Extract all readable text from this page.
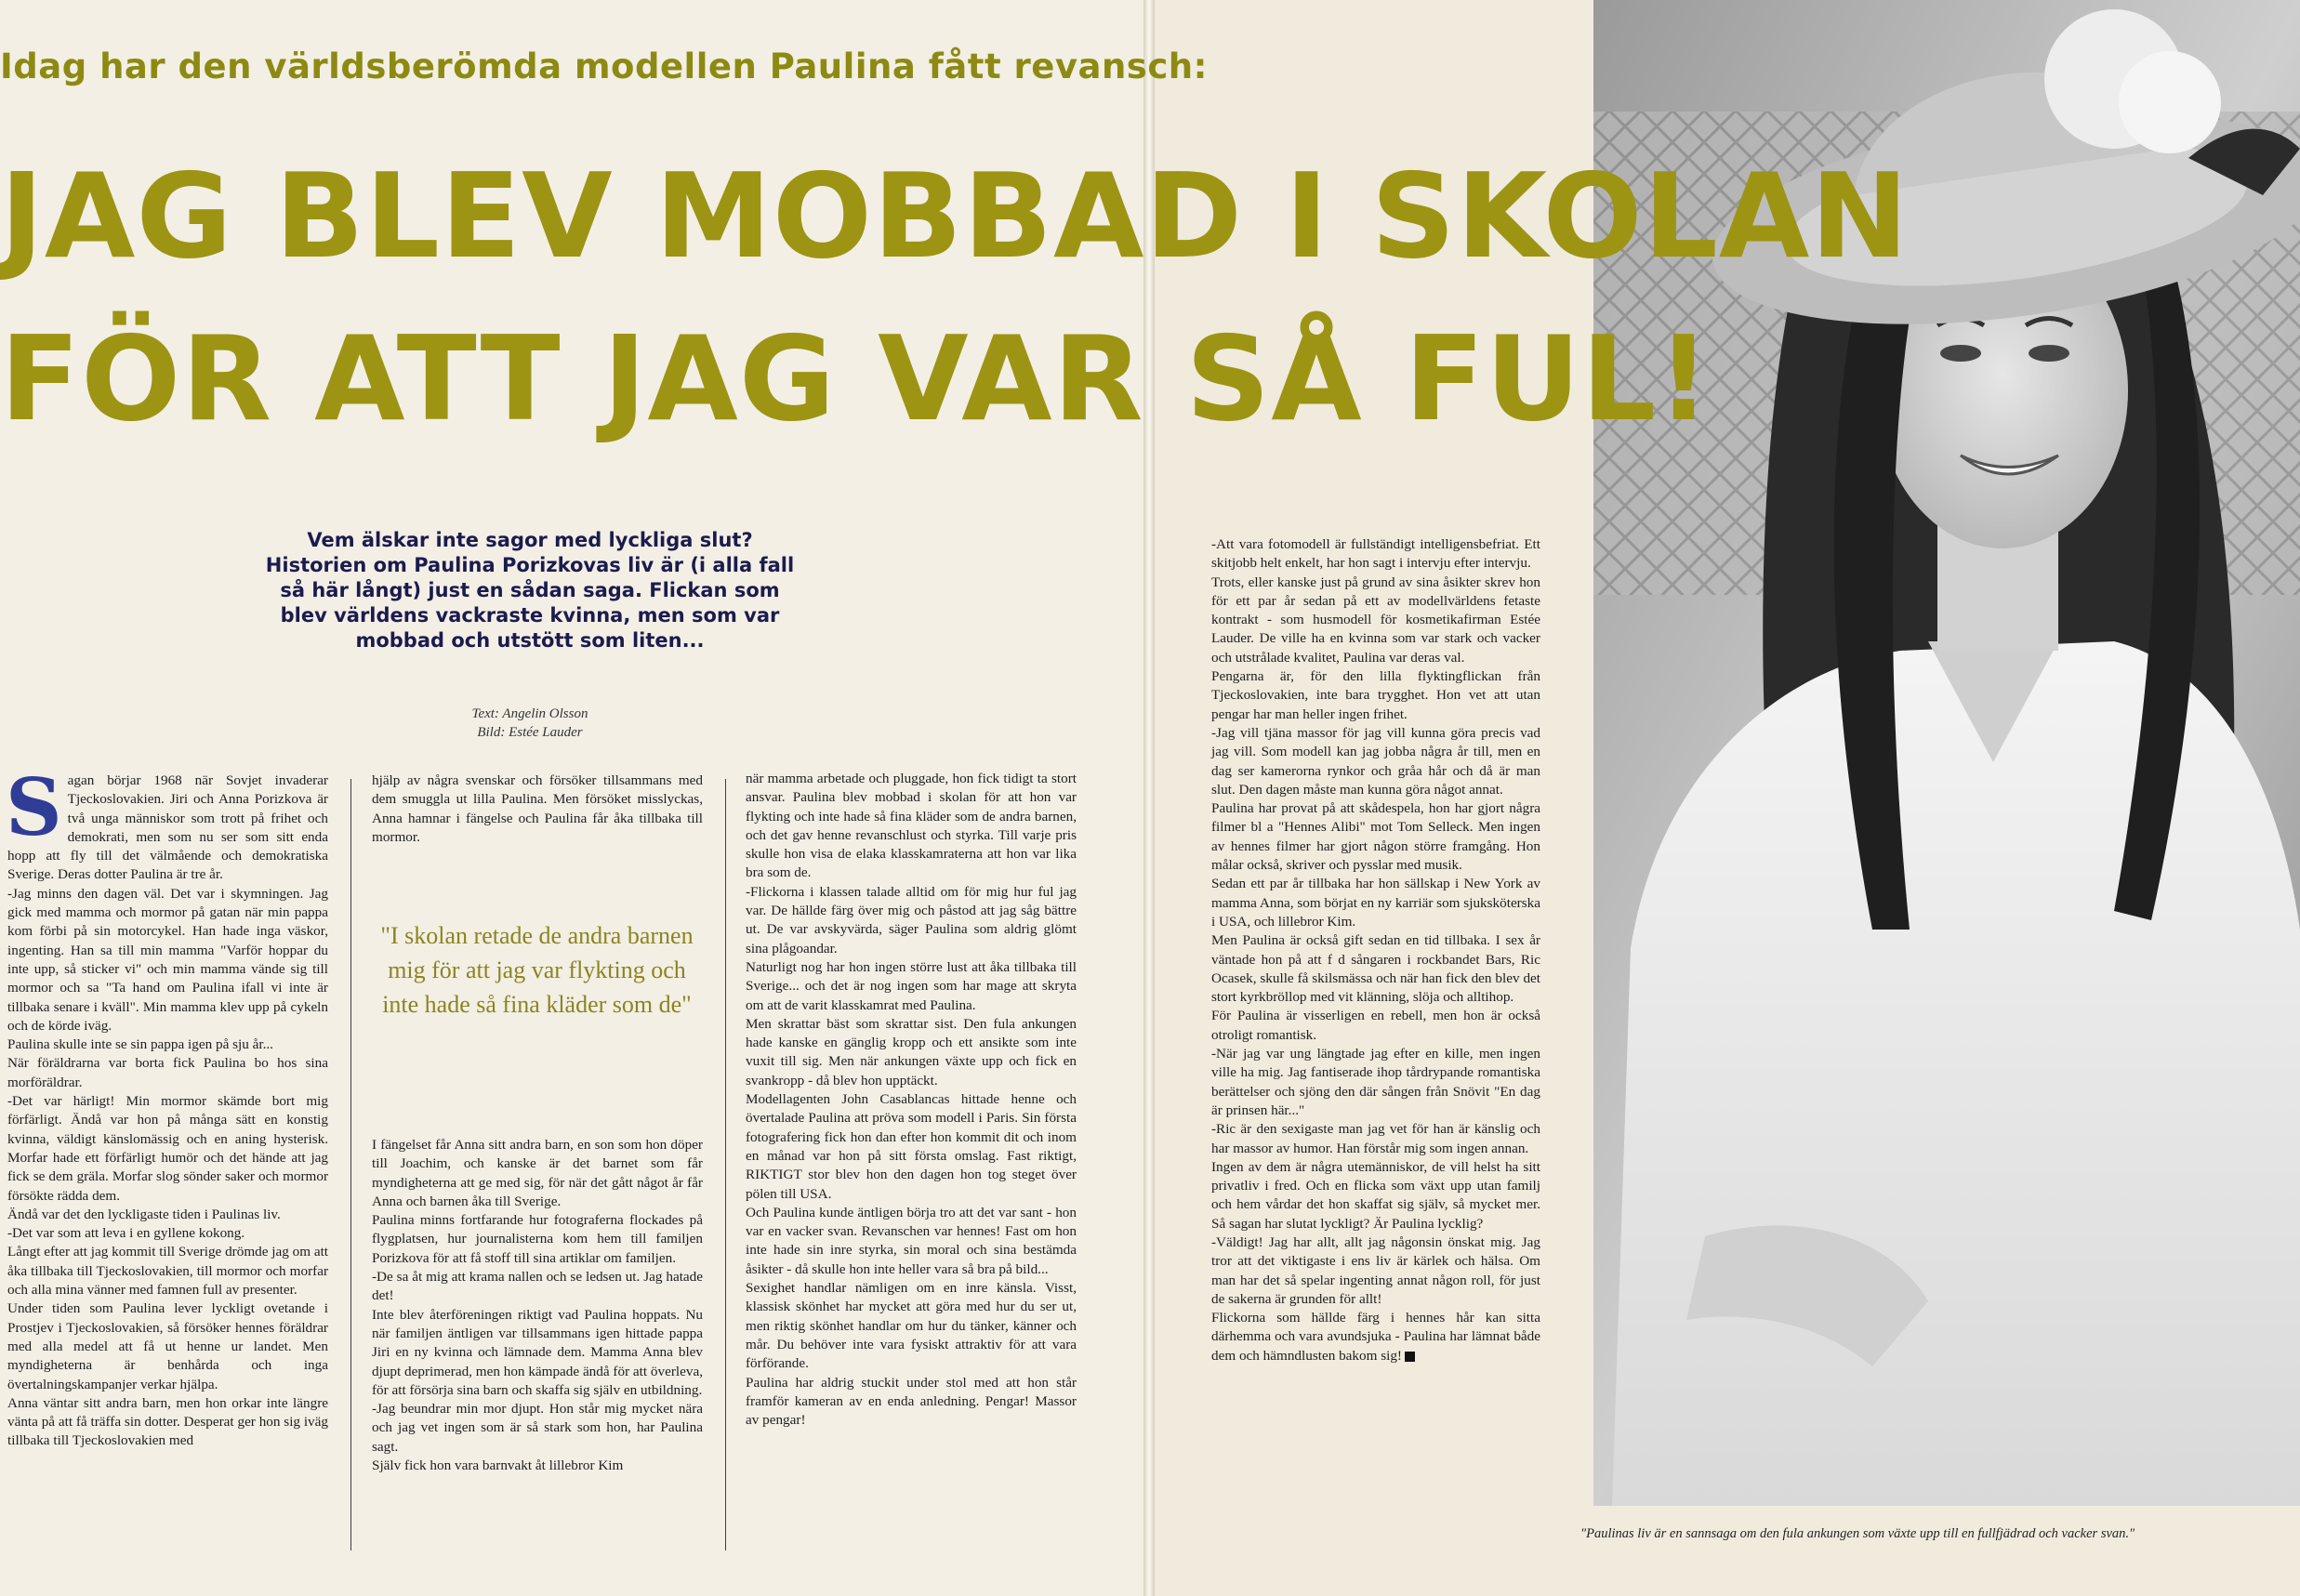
Idag har den världsberömda modellen Paulina fått revansch:
JAG BLEV MOBBAD I SKOLAN
FÖR ATT JAG VAR SÅ FUL!
Vem älskar inte sagor med lyckliga slut?Historien om Paulina Porizkovas liv är (i alla fall så här långt) just en sådan saga. Flickan som blev världens vackraste kvinna, men som var mobbad och utstött som liten...
Text: Angelin Olsson
Bild: Estée Lauder
S agan börjar 1968 när Sovjet invaderar Tjeckoslovakien. Jiri och Anna Porizkova är två unga människor som trott på frihet och demokrati, men som nu ser som sitt enda hopp att fly till det välmående och demokratiska Sverige. Deras dotter Paulina är tre år.

-Jag minns den dagen väl. Det var i skymningen. Jag gick med mamma och mormor på gatan när min pappa kom förbi på sin motorcykel. Han hade inga väskor, ingenting. Han sa till min mamma "Varför hoppar du inte upp, så sticker vi" och min mamma vände sig till mormor och sa "Ta hand om Paulina ifall vi inte är tillbaka senare i kväll". Min mamma klev upp på cykeln och de körde iväg.

Paulina skulle inte se sin pappa igen på sju år...

När föräldrarna var borta fick Paulina bo hos sina morföräldrar.

-Det var härligt! Min mormor skämde bort mig förfärligt. Ändå var hon på många sätt en konstig kvinna, väldigt känslomässig och en aning hysterisk. Morfar hade ett förfärligt humör och det hände att jag fick se dem gräla. Morfar slog sönder saker och mormor försökte rädda dem.

Ändå var det den lyckligaste tiden i Paulinas liv.

-Det var som att leva i en gyllene kokong.

Långt efter att jag kommit till Sverige drömde jag om att åka tillbaka till Tjeckoslovakien, till mormor och morfar och alla mina vänner med famnen full av presenter.

Under tiden som Paulina lever lyckligt ovetande i Prostjev i Tjeckoslovakien, så försöker hennes föräldrar med alla medel att få ut henne ur landet. Men myndigheterna är benhårda och inga övertalningskampanjer verkar hjälpa.

Anna väntar sitt andra barn, men hon orkar inte längre vänta på att få träffa sin dotter. Desperat ger hon sig iväg tillbaka till Tjeckoslovakien med

hjälp av några svenskar och försöker tillsammans med dem smuggla ut lilla Paulina. Men försöket misslyckas, Anna hamnar i fängelse och Paulina får åka tillbaka till mormor.

"I skolan retade de andra barnen mig för att jag var flykting och inte hade så fina kläder som de"

I fängelset får Anna sitt andra barn, en son som hon döper till Joachim, och kanske är det barnet som får myndigheterna att ge med sig, för när det gått något år får Anna och barnen åka till Sverige.

Paulina minns fortfarande hur fotograferna flockades på flygplatsen, hur journalisterna kom hem till familjen Porizkova för att få stoff till sina artiklar om familjen.

-De sa åt mig att krama nallen och se ledsen ut. Jag hatade det!

Inte blev återföreningen riktigt vad Paulina hoppats. Nu när familjen äntligen var tillsammans igen hittade pappa Jiri en ny kvinna och lämnade dem. Mamma Anna blev djupt deprimerad, men hon kämpade ändå för att överleva, för att försörja sina barn och skaffa sig själv en utbildning.

-Jag beundrar min mor djupt. Hon står mig mycket nära och jag vet ingen som är så stark som hon, har Paulina sagt.

Själv fick hon vara barnvakt åt lillebror Kim

när mamma arbetade och pluggade, hon fick tidigt ta stort ansvar. Paulina blev mobbad i skolan för att hon var flykting och inte hade så fina kläder som de andra barnen, och det gav henne revanschlust och styrka. Till varje pris skulle hon visa de elaka klasskamraterna att hon var lika bra som de.

-Flickorna i klassen talade alltid om för mig hur ful jag var. De hällde färg över mig och påstod att jag såg bättre ut. De var avskyvärda, säger Paulina som aldrig glömt sina plågoandar.

Naturligt nog har hon ingen större lust att åka tillbaka till Sverige... och det är nog ingen som har mage att skryta om att de varit klasskamrat med Paulina.

Men skrattar bäst som skrattar sist. Den fula ankungen hade kanske en gänglig kropp och ett ansikte som inte vuxit till sig. Men när ankungen växte upp och fick en svankropp - då blev hon upptäckt.

Modellagenten John Casablancas hittade henne och övertalade Paulina att pröva som modell i Paris. Sin första fotografering fick hon dan efter hon kommit dit och inom en månad var hon på sitt första omslag. Fast riktigt, RIKTIGT stor blev hon den dagen hon tog steget över pölen till USA.

Och Paulina kunde äntligen börja tro att det var sant - hon var en vacker svan. Revanschen var hennes! Fast om hon inte hade sin inre styrka, sin moral och sina bestämda åsikter - då skulle hon inte heller vara så bra på bild...

Sexighet handlar nämligen om en inre känsla. Visst, klassisk skönhet har mycket att göra med hur du ser ut, men riktig skönhet handlar om hur du tänker, känner och mår. Du behöver inte vara fysiskt attraktiv för att vara förförande.

Paulina har aldrig stuckit under stol med att hon står framför kameran av en enda anledning. Pengar! Massor av pengar!

-Att vara fotomodell är fullständigt intelligensbefriat. Ett skitjobb helt enkelt, har hon sagt i intervju efter intervju.

Trots, eller kanske just på grund av sina åsikter skrev hon för ett par år sedan på ett av modellvärldens fetaste kontrakt - som husmodell för kosmetikafirman Estée Lauder. De ville ha en kvinna som var stark och vacker och utstrålade kvalitet, Paulina var deras val.

Pengarna är, för den lilla flyktingflickan från Tjeckoslovakien, inte bara trygghet. Hon vet att utan pengar har man heller ingen frihet.

-Jag vill tjäna massor för jag vill kunna göra precis vad jag vill. Som modell kan jag jobba några år till, men en dag ser kamerorna rynkor och gråa hår och då är man slut. Den dagen måste man kunna göra något annat.

Paulina har provat på att skådespela, hon har gjort några filmer bl a "Hennes Alibi" mot Tom Selleck. Men ingen av hennes filmer har gjort någon större framgång. Hon målar också, skriver och pysslar med musik.

Sedan ett par år tillbaka har hon sällskap i New York av mamma Anna, som börjat en ny karriär som sjuksköterska i USA, och lillebror Kim.

Men Paulina är också gift sedan en tid tillbaka. I sex år väntade hon på att f d sångaren i rockbandet Bars, Ric Ocasek, skulle få skilsmässa och när han fick den blev det stort kyrkbröllop med vit klänning, slöja och alltihop.

För Paulina är visserligen en rebell, men hon är också otroligt romantisk.

-När jag var ung längtade jag efter en kille, men ingen ville ha mig. Jag fantiserade ihop tårdrypande romantiska berättelser och sjöng den där sången från Snövit "En dag är prinsen här..."

-Ric är den sexigaste man jag vet för han är känslig och har massor av humor. Han förstår mig som ingen annan.

Ingen av dem är några utemänniskor, de vill helst ha sitt privatliv i fred. Och en flicka som växt upp utan familj och hem vårdar det hon skaffat sig själv, så mycket mer. Så sagan har slutat lyckligt? Är Paulina lycklig?

-Väldigt! Jag har allt, allt jag någonsin önskat mig. Jag tror att det viktigaste i ens liv är kärlek och hälsa. Om man har det så spelar ingenting annat någon roll, för just de sakerna är grunden för allt!

Flickorna som hällde färg i hennes hår kan sitta därhemma och vara avundsjuka - Paulina har lämnat både dem och hämndlusten bakom sig!

"Paulinas liv är en sannsaga om den fula ankungen som växte upp till en fullfjädrad och vacker svan."
